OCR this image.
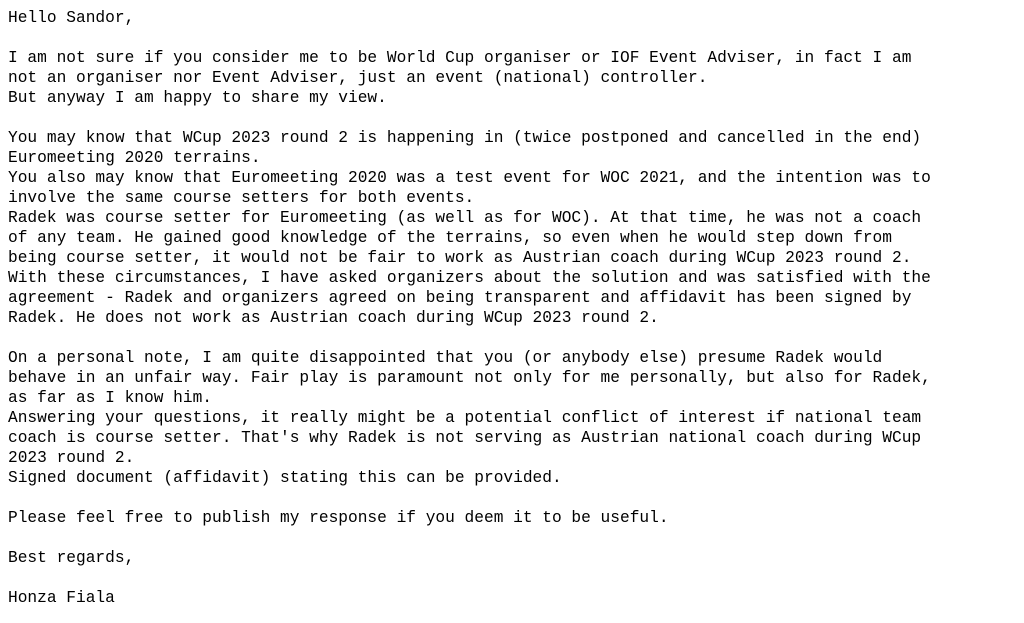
Hello Sandor,
I am not sure if you consider me to be World Cup organiser or IOF Event Adviser, in fact I am
not an organiser nor Event Adviser, just an event (national) controller.
But anyway I am happy to share my view.
You may know that WCup 2023 round 2 is happening in (twice postponed and cancelled in the end)
Euromeeting 2020 terrains.
You also may know that Euromeeting 2020 was a test event for WOC 2021, and the intention was to
involve the same course setters for both events.
Radek was course setter for Euromeeting (as well as for WOC). At that time, he was not a coach
of any team. He gained good knowledge of the terrains, so even when he would step down from
being course setter, it would not be fair to work as Austrian coach during WCup 2023 round 2.
With these circumstances, I have asked organizers about the solution and was satisfied with the
agreement - Radek and organizers agreed on being transparent and affidavit has been signed by
Radek. He does not work as Austrian coach during WCup 2023 round 2.
On a personal note, I am quite disappointed that you (or anybody else) presume Radek would
behave in an unfair way. Fair play is paramount not only for me personally, but also for Radek,
as far as I know him.
Answering your questions, it really might be a potential conflict of interest if national team
coach is course setter. That's why Radek is not serving as Austrian national coach during WCup
2023 round 2.
Signed document (affidavit) stating this can be provided.
Please feel free to publish my response if you deem it to be useful.
Best regards,
Honza Fiala
